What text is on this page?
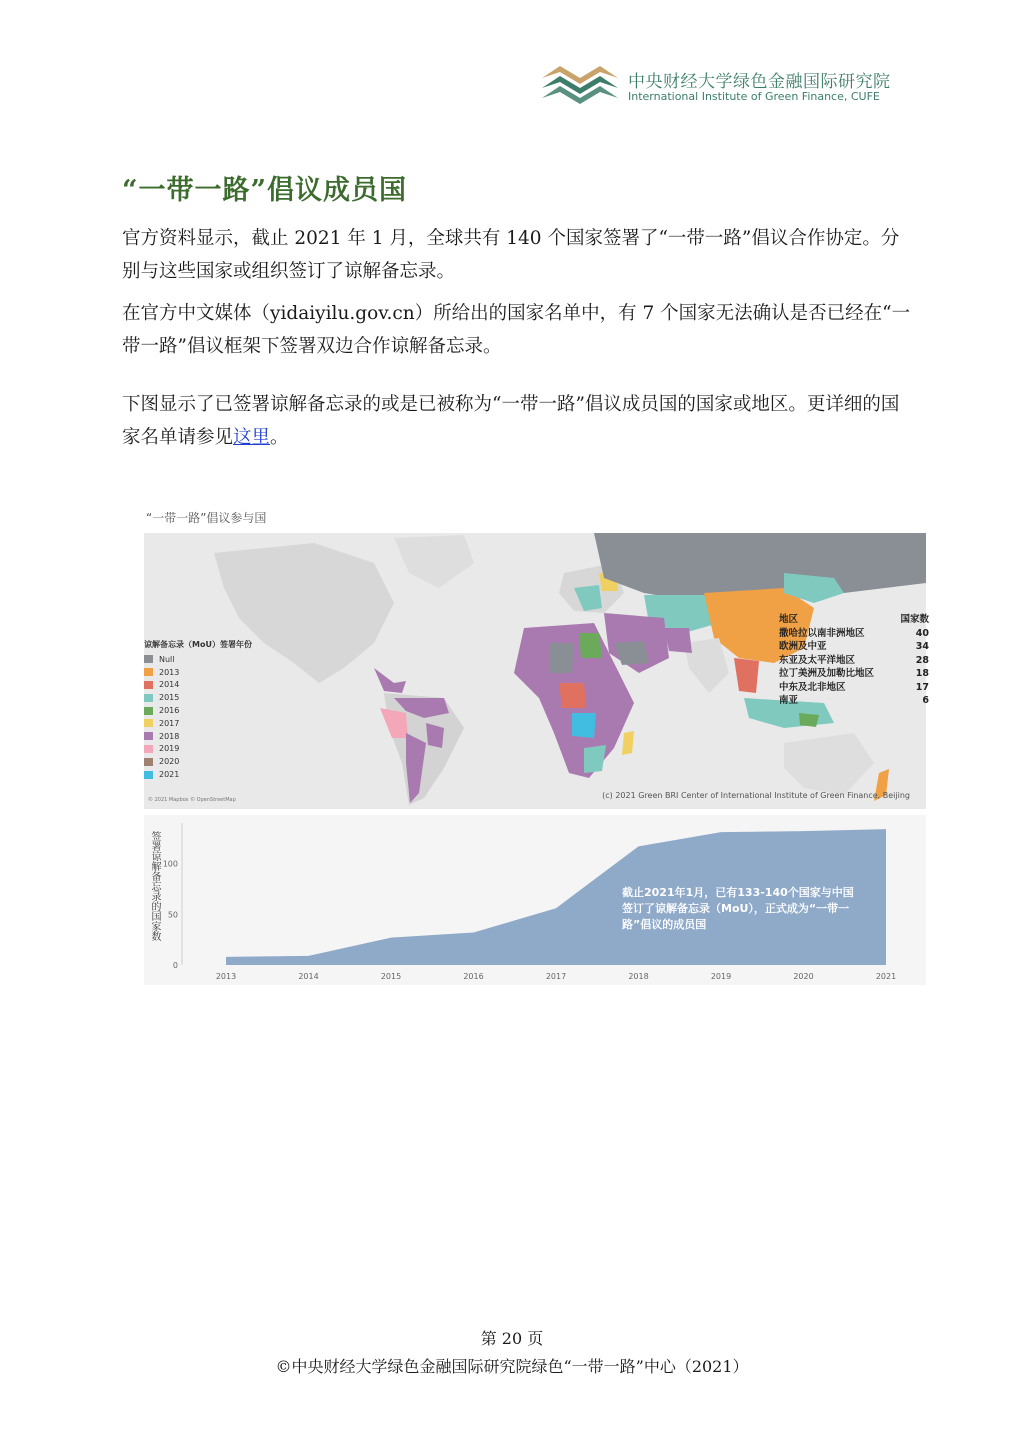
中央财经大学绿色金融国际研究院
International Institute of Green Finance, CUFE
“一带一路”倡议成员国

官方资料显示，截止 2021 年 1 月，全球共有 140 个国家签署了“一带一路”倡议合作协定。分别与这些国家或组织签订了谅解备忘录。

在官方中文媒体（yidaiyilu.gov.cn）所给出的国家名单中，有 7 个国家无法确认是否已经在“一带一路”倡议框架下签署双边合作谅解备忘录。

下图显示了已签署谅解备忘录的或是已被称为“一带一路”倡议成员国的国家或地区。更详细的国家名单请参见这里。

“一带一路”倡议参与国
谅解备忘录（MoU）签署年份
Null
2013
2014
2015
2016
2017
2018
2019
2020
2021
地区	国家数
撒哈拉以南非洲地区	40
欧洲及中亚	34
东亚及太平洋地区	28
拉丁美洲及加勒比地区	18
中东及北非地区	17
南亚	6
(c) 2021 Green BRI Center of International Institute of Green Finance, Beijing
© 2021 Mapbox © OpenStreetMap
2013	2014	2015	2016	2017	2018	2019	2020	2021
0
50
100
签署谅解备忘录的国家数	截止2021年1月，已有133-140个国家与中国签订了谅解备忘录（MoU），正式成为“一带一路”倡议的成员国
第 20 页
©中央财经大学绿色金融国际研究院绿色“一带一路”中心（2021）
